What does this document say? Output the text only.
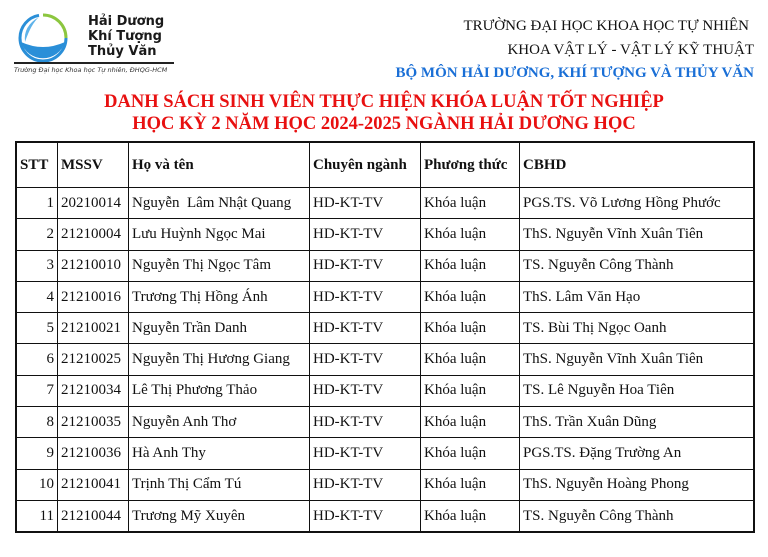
Hải Dương
Khí Tượng
Thủy Văn
Trường Đại học Khoa học Tự nhiên, ĐHQG-HCM
TRƯỜNG ĐẠI HỌC KHOA HỌC TỰ NHIÊN
KHOA VẬT LÝ - VẬT LÝ KỸ THUẬT
BỘ MÔN HẢI DƯƠNG, KHÍ TƯỢNG VÀ THỦY VĂN
DANH SÁCH SINH VIÊN THỰC HIỆN KHÓA LUẬN TỐT NGHIỆP
HỌC KỲ 2 NĂM HỌC 2024-2025 NGÀNH HẢI DƯƠNG HỌC
STT	MSSV	Họ và tên	Chuyên ngành	Phương thức	CBHD
1	20210014	Nguyễn  Lâm Nhật Quang	HD-KT-TV	Khóa luận	PGS.TS. Võ Lương Hồng Phước
2	21210004	Lưu Huỳnh Ngọc Mai	HD-KT-TV	Khóa luận	ThS. Nguyễn Vĩnh Xuân Tiên
3	21210010	Nguyễn Thị Ngọc Tâm	HD-KT-TV	Khóa luận	TS. Nguyễn Công Thành
4	21210016	Trương Thị Hồng Ánh	HD-KT-TV	Khóa luận	ThS. Lâm Văn Hạo
5	21210021	Nguyễn Trần Danh	HD-KT-TV	Khóa luận	TS. Bùi Thị Ngọc Oanh
6	21210025	Nguyễn Thị Hương Giang	HD-KT-TV	Khóa luận	ThS. Nguyễn Vĩnh Xuân Tiên
7	21210034	Lê Thị Phương Thảo	HD-KT-TV	Khóa luận	TS. Lê Nguyễn Hoa Tiên
8	21210035	Nguyễn Anh Thơ	HD-KT-TV	Khóa luận	ThS. Trần Xuân Dũng
9	21210036	Hà Anh Thy	HD-KT-TV	Khóa luận	PGS.TS. Đặng Trường An
10	21210041	Trịnh Thị Cẩm Tú	HD-KT-TV	Khóa luận	ThS. Nguyễn Hoàng Phong
11	21210044	Trương Mỹ Xuyên	HD-KT-TV	Khóa luận	TS. Nguyễn Công Thành
